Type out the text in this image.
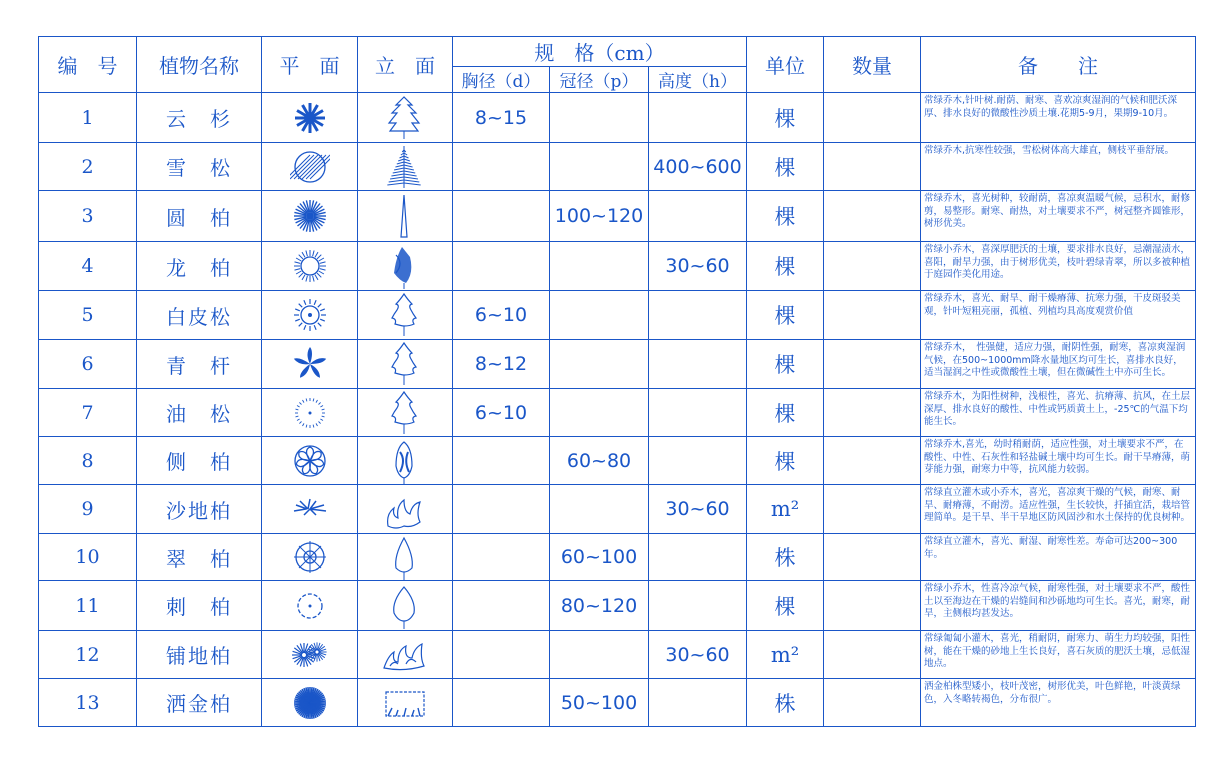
编　号	植物名称	平　面	立　面	规　格（cm）			单位	数量	备　　注
				胸径（d）	冠径（p）	高度（h）			
1	云　杉			8~15			棵		常绿乔木,针叶树.耐荫、耐寒、喜欢凉爽湿润的气候和肥沃深厚、排水良好的微酸性沙质土壤.花期5-9月，果期9-10月。
2	雪　松					400~600	棵		常绿乔木,抗寒性较强，雪松树体高大雄直，侧枝平垂舒展。
3	圆　柏				100~120		棵		常绿乔木，喜光树种，较耐荫，喜凉爽温暖气候，忌积水，耐修剪，易整形。耐寒、耐热，对土壤要求不严，树冠整齐圆锥形，树形优美。
4	龙　柏					30~60	棵		常绿小乔木，喜深厚肥沃的土壤，要求排水良好，忌潮湿渍水，喜阳，耐旱力强，由于树形优美，枝叶碧绿青翠，所以多被种植于庭园作美化用途。
5	白皮松			6~10			棵		常绿乔木，喜光、耐旱、耐干燥瘠薄、抗寒力强，干皮斑驳美观，针叶短粗亮丽，孤植、列植均具高度观赏价值
6	青　杆			8~12			棵		常绿乔木，　性强健，适应力强，耐阴性强，耐寒，喜凉爽湿润气候，在500~1000mm降水量地区均可生长，喜排水良好，适当湿润之中性或微酸性土壤，但在微碱性土中亦可生长。
7	油　松			6~10			棵		常绿乔木，为阳性树种，浅根性，喜光、抗瘠薄、抗风，在土层深厚、排水良好的酸性、中性或钙质黄土上，-25℃的气温下均能生长。
8	侧　柏				60~80		棵		常绿乔木,喜光，幼时稍耐荫，适应性强，对土壤要求不严，在酸性、中性、石灰性和轻盐碱土壤中均可生长。耐干旱瘠薄，萌芽能力强，耐寒力中等，抗风能力较弱。
9	沙地柏					30~60	m²		常绿直立灌木或小乔木，喜光，喜凉爽干燥的气候，耐寒、耐旱、耐瘠薄，不耐涝。适应性强，生长较快，扦插宜活，栽培管理简单。是干旱、半干旱地区防风固沙和水土保持的优良树种。
10	翠　柏				60~100		株		常绿直立灌木，喜光、耐湿、耐寒性差。寿命可达200~300年。
11	刺　柏				80~120		棵		常绿小乔木，性喜冷凉气候，耐寒性强，对土壤要求不严，酸性土以至海边在干燥的岩缝间和沙砾地均可生长。喜光，耐寒，耐旱，主侧根均甚发达。
12	铺地柏					30~60	m²		常绿匍匐小灌木，喜光，稍耐阴，耐寒力、萌生力均较强，阳性树，能在干燥的砂地上生长良好，喜石灰质的肥沃土壤，忌低湿地点。
13	洒金柏				50~100		株		洒金柏株型矮小，枝叶茂密，树形优美，叶色鲜艳，叶淡黄绿色，入冬略转褐色，分布很广。
